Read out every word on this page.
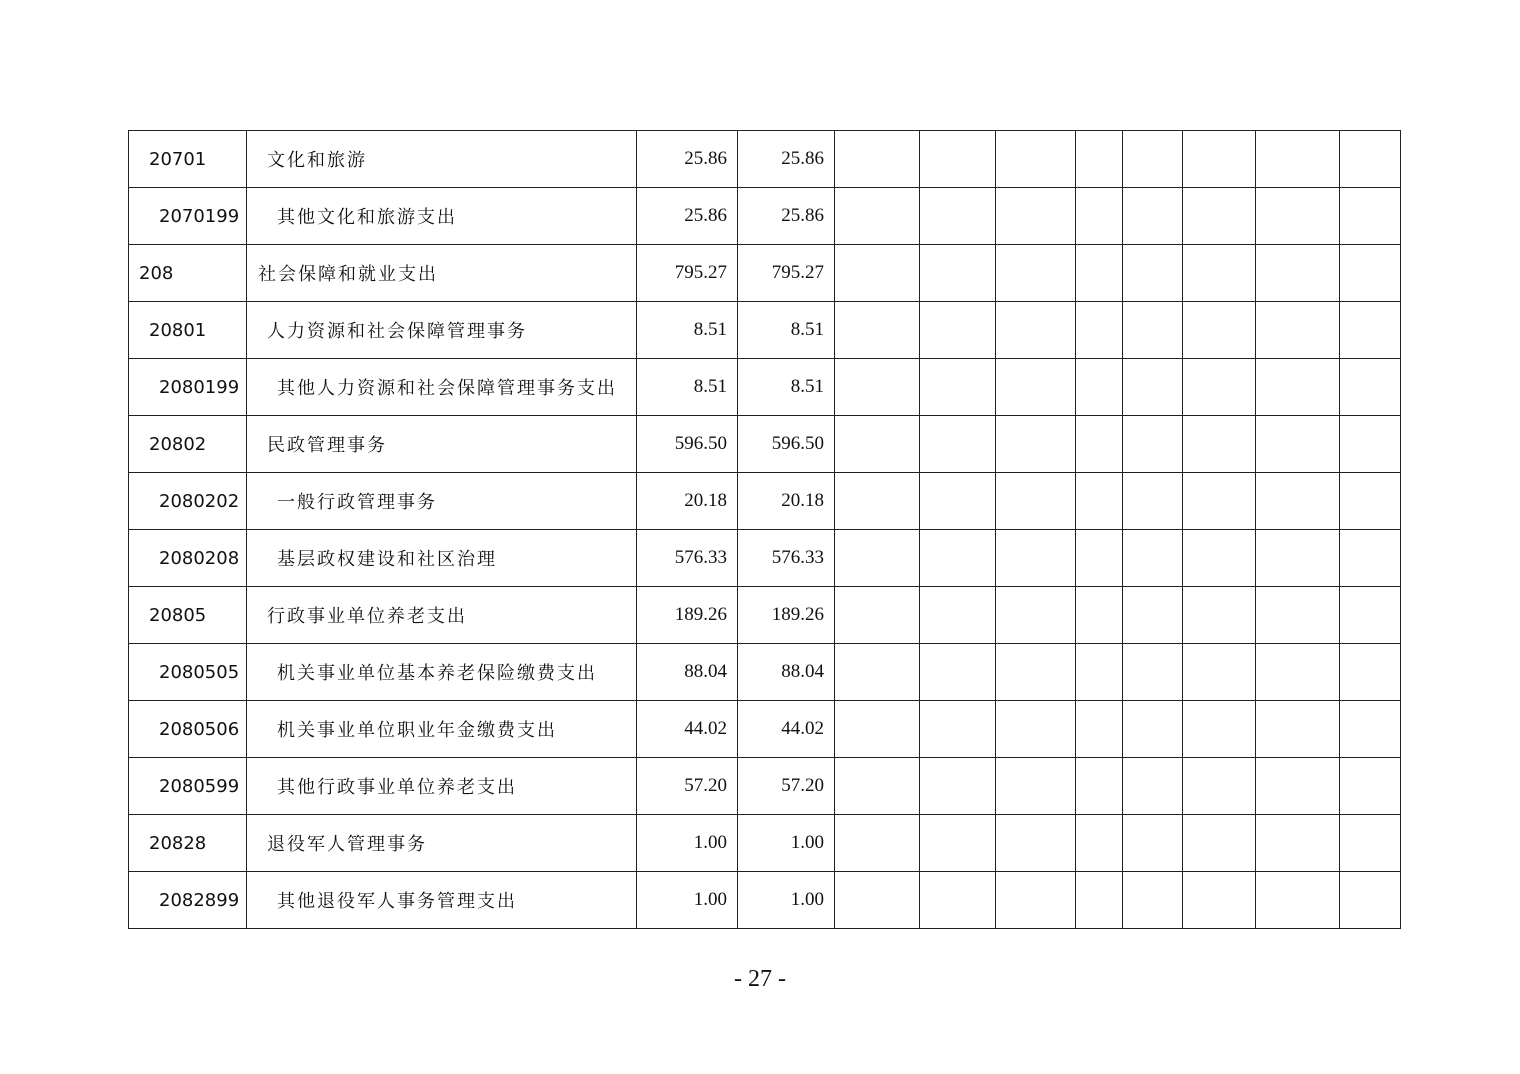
20701	文化和旅游	25.86	25.86								
2070199	其他文化和旅游支出	25.86	25.86								
208	社会保障和就业支出	795.27	795.27								
20801	人力资源和社会保障管理事务	8.51	8.51								
2080199	其他人力资源和社会保障管理事务支出	8.51	8.51								
20802	民政管理事务	596.50	596.50								
2080202	一般行政管理事务	20.18	20.18								
2080208	基层政权建设和社区治理	576.33	576.33								
20805	行政事业单位养老支出	189.26	189.26								
2080505	机关事业单位基本养老保险缴费支出	88.04	88.04								
2080506	机关事业单位职业年金缴费支出	44.02	44.02								
2080599	其他行政事业单位养老支出	57.20	57.20								
20828	退役军人管理事务	1.00	1.00								
2082899	其他退役军人事务管理支出	1.00	1.00								
- 27 -
